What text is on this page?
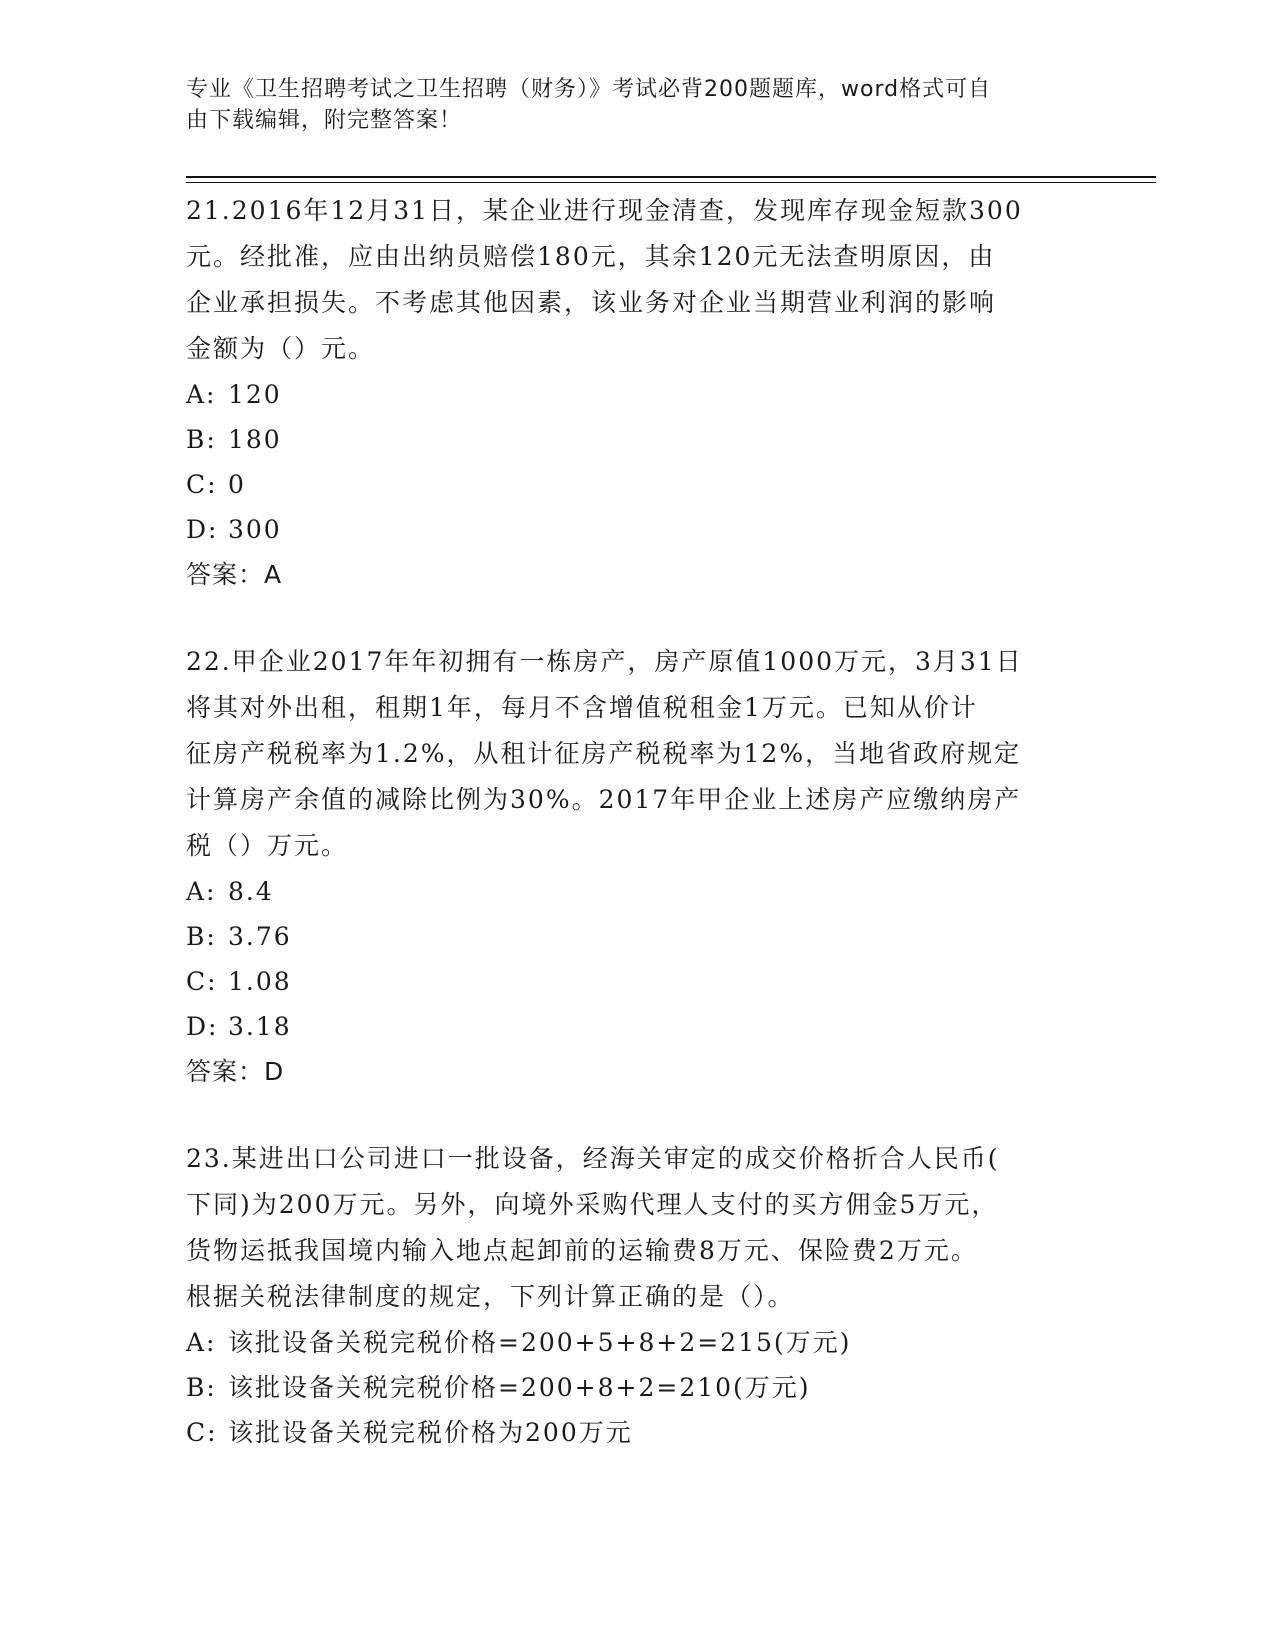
专业《卫生招聘考试之卫生招聘（财务）》考试必背200题题库，word格式可自
由下载编辑，附完整答案！
21.2016年12月31日，某企业进行现金清查，发现库存现金短款300
元。经批准，应由出纳员赔偿180元，其余120元无法查明原因，由
企业承担损失。不考虑其他因素，该业务对企业当期营业利润的影响
金额为（）元。
A: 120
B: 180
C: 0
D: 300
答案：A
22.甲企业2017年年初拥有一栋房产，房产原值1000万元，3月31日
将其对外出租，租期1年，每月不含增值税租金1万元。已知从价计
征房产税税率为1.2%，从租计征房产税税率为12%，当地省政府规定
计算房产余值的减除比例为30%。2017年甲企业上述房产应缴纳房产
税（）万元。
A: 8.4
B: 3.76
C: 1.08
D: 3.18
答案：D
23.某进出口公司进口一批设备，经海关审定的成交价格折合人民币(
下同)为200万元。另外，向境外采购代理人支付的买方佣金5万元，
货物运抵我国境内输入地点起卸前的运输费8万元、保险费2万元。
根据关税法律制度的规定，下列计算正确的是（）。
A: 该批设备关税完税价格=200+5+8+2=215(万元)
B: 该批设备关税完税价格=200+8+2=210(万元)
C: 该批设备关税完税价格为200万元
